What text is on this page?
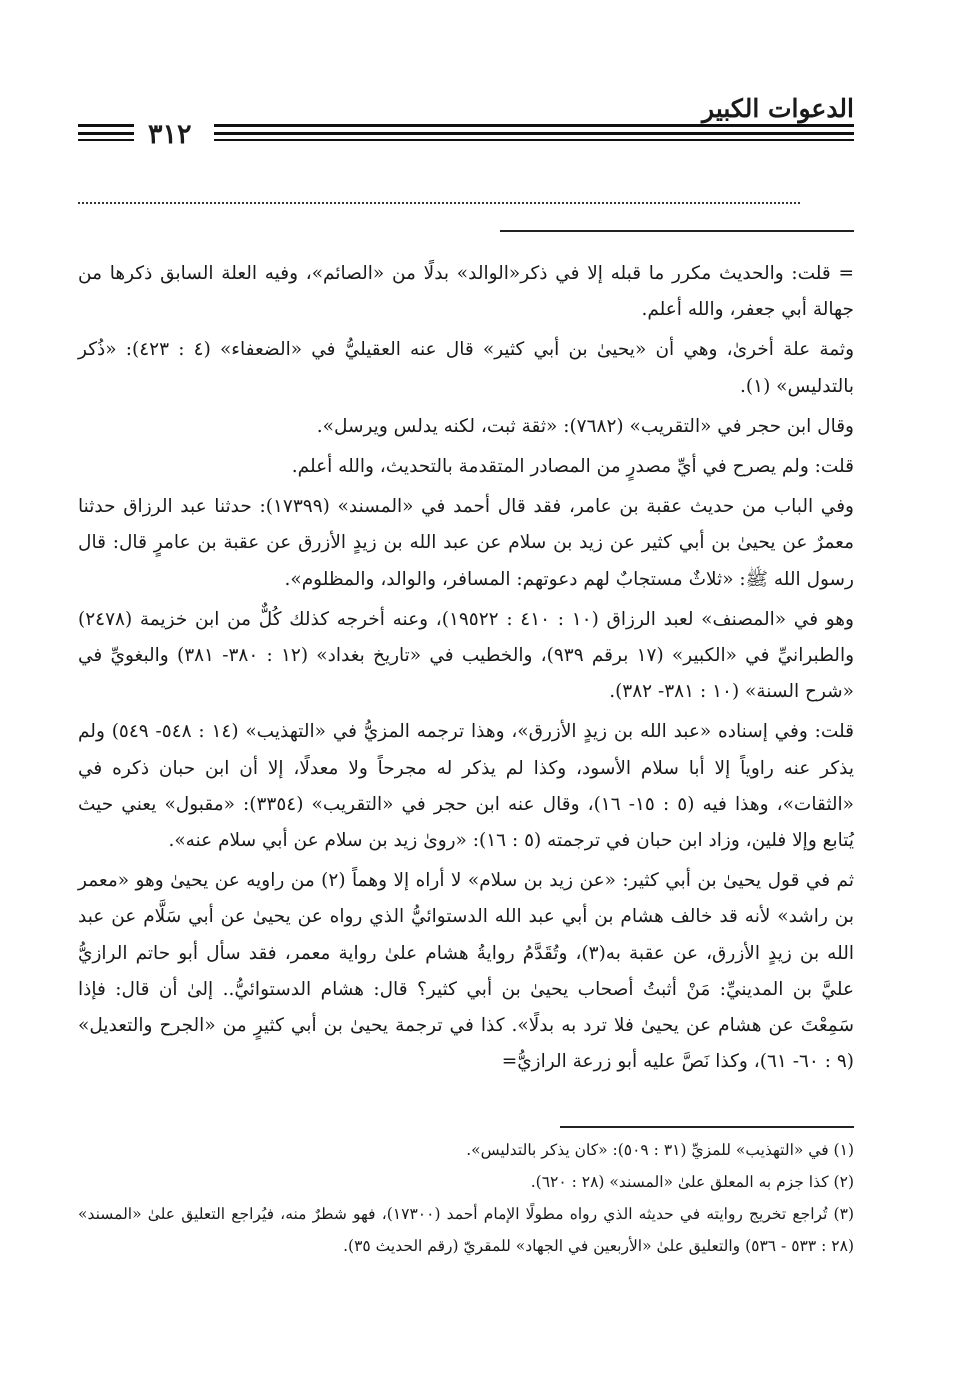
الدعوات الكبير
٣١٢

= قلت: والحديث مكرر ما قبله إلا في ذكر«الوالد» بدلًا من «الصائم»، وفيه العلة السابق ذكرها من جهالة أبي جعفر، والله أعلم.

وثمة علة أخرىٰ، وهي أن «يحيىٰ بن أبي كثير» قال عنه العقيليُّ في «الضعفاء» (٤ : ٤٢٣): «ذُكر بالتدليس» (١).

وقال ابن حجر في «التقريب» (٧٦٨٢): «ثقة ثبت، لكنه يدلس ويرسل».

قلت: ولم يصرح في أيِّ مصدرٍ من المصادر المتقدمة بالتحديث، والله أعلم.

وفي الباب من حديث عقبة بن عامر، فقد قال أحمد في «المسند» (١٧٣٩٩): حدثنا عبد الرزاق حدثنا معمرٌ عن يحيىٰ بن أبي كثير عن زيد بن سلام عن عبد الله بن زيدٍ الأزرق عن عقبة بن عامرٍ قال: قال رسول الله ﷺ: «ثلاثٌ مستجابٌ لهم دعوتهم: المسافر، والوالد، والمظلوم».

وهو في «المصنف» لعبد الرزاق (١٠ : ٤١٠ : ١٩٥٢٢)، وعنه أخرجه كذلك كُلٌّ من ابن خزيمة (٢٤٧٨) والطبرانيِّ في «الكبير» (١٧ برقم ٩٣٩)، والخطيب في «تاريخ بغداد» (١٢ : ٣٨٠- ٣٨١) والبغويِّ في «شرح السنة» (١٠ : ٣٨١- ٣٨٢).

قلت: وفي إسناده «عبد الله بن زيدٍ الأزرق»، وهذا ترجمه المزيُّ في «التهذيب» (١٤ : ٥٤٨- ٥٤٩) ولم يذكر عنه راوياً إلا أبا سلام الأسود، وكذا لم يذكر له مجرحاً ولا معدلًا، إلا أن ابن حبان ذكره في «الثقات»، وهذا فيه (٥ : ١٥- ١٦)، وقال عنه ابن حجر في «التقريب» (٣٣٥٤): «مقبول» يعني حيث يُتابع وإلا فلين، وزاد ابن حبان في ترجمته (٥ : ١٦): «روىٰ زيد بن سلام عن أبي سلام عنه».

ثم في قول يحيىٰ بن أبي كثير: «عن زيد بن سلام» لا أراه إلا وهماً (٢) من راويه عن يحيىٰ وهو «معمر بن راشد» لأنه قد خالف هشام بن أبي عبد الله الدستوائيُّ الذي رواه عن يحيىٰ عن أبي سَلَّام عن عبد الله بن زيدٍ الأزرق، عن عقبة به(٣)، وتُقَدَّمُ روايةُ هشام علىٰ رواية معمر، فقد سأل أبو حاتم الرازيُّ عليَّ بن المدينيِّ: مَنْ أثبتُ أصحاب يحيىٰ بن أبي كثير؟ قال: هشام الدستوائيُّ.. إلىٰ أن قال: فإذا سَمِعْتَ عن هشام عن يحيىٰ فلا ترد به بدلًا». كذا في ترجمة يحيىٰ بن أبي كثيرٍ من «الجرح والتعديل» (٩ : ٦٠- ٦١)، وكذا نَصَّ عليه أبو زرعة الرازيُّ=

(١) في «التهذيب» للمزيِّ (٣١ : ٥٠٩): «كان يذكر بالتدليس».

(٢) كذا جزم به المعلق علىٰ «المسند» (٢٨ : ٦٢٠).

(٣) تُراجع تخريج روايته في حديثه الذي رواه مطولًا الإمام أحمد (١٧٣٠٠)، فهو شطرٌ منه، فيُراجع التعليق علىٰ «المسند» (٢٨ : ٥٣٣ - ٥٣٦) والتعليق علىٰ «الأربعين في الجهاد» للمقريّ (رقم الحديث ٣٥).
